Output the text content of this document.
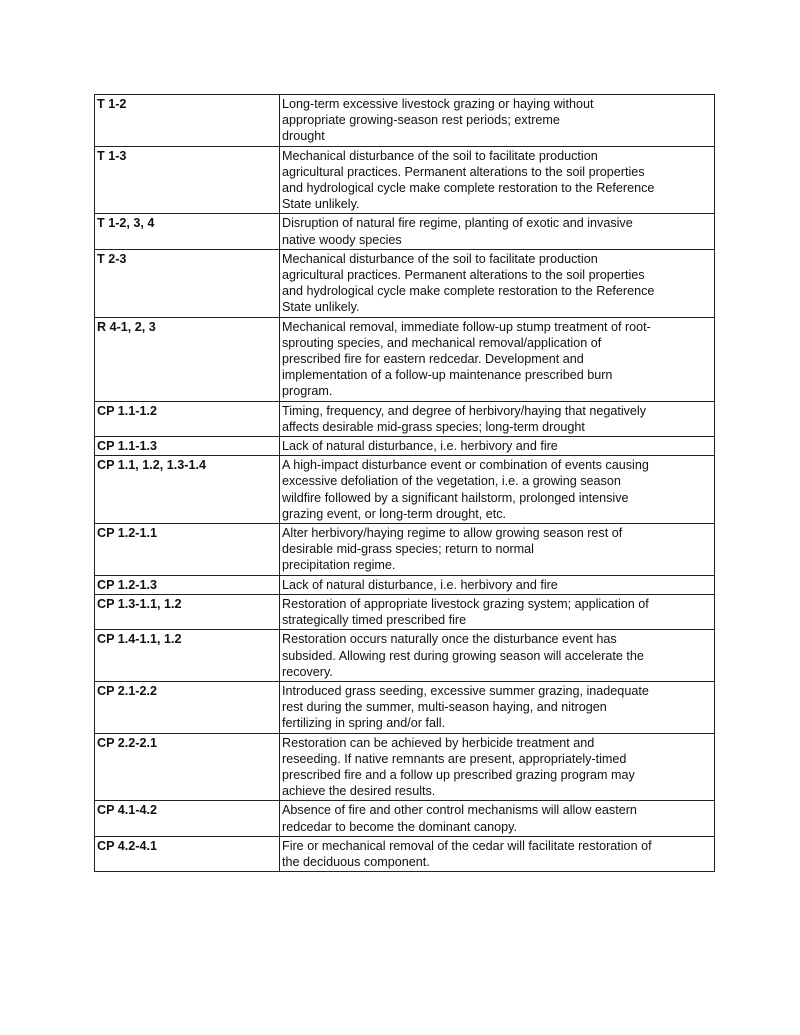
T 1-2	Long-term excessive livestock grazing or haying without
appropriate growing-season rest periods; extreme
drought

T 1-3	Mechanical disturbance of the soil to facilitate production
agricultural practices. Permanent alterations to the soil properties
and hydrological cycle make complete restoration to the Reference
State unlikely.

T 1-2, 3, 4	Disruption of natural fire regime, planting of exotic and invasive
native woody species

T 2-3	Mechanical disturbance of the soil to facilitate production
agricultural practices. Permanent alterations to the soil properties
and hydrological cycle make complete restoration to the Reference
State unlikely.

R 4-1, 2, 3	Mechanical removal, immediate follow-up stump treatment of root-
sprouting species, and mechanical removal/application of
prescribed fire for eastern redcedar. Development and
implementation of a follow-up maintenance prescribed burn
program.

CP 1.1-1.2	Timing, frequency, and degree of herbivory/haying that negatively
affects desirable mid-grass species; long-term drought

CP 1.1-1.3	Lack of natural disturbance, i.e. herbivory and fire

CP 1.1, 1.2, 1.3-1.4	A high-impact disturbance event or combination of events causing
excessive defoliation of the vegetation, i.e. a growing season
wildfire followed by a significant hailstorm, prolonged intensive
grazing event, or long-term drought, etc.

CP 1.2-1.1	Alter herbivory/haying regime to allow growing season rest of
desirable mid-grass species; return to normal
precipitation regime.

CP 1.2-1.3	Lack of natural disturbance, i.e. herbivory and fire

CP 1.3-1.1, 1.2	Restoration of appropriate livestock grazing system; application of
strategically timed prescribed fire

CP 1.4-1.1, 1.2	Restoration occurs naturally once the disturbance event has
subsided. Allowing rest during growing season will accelerate the
recovery.

CP 2.1-2.2	Introduced grass seeding, excessive summer grazing, inadequate
rest during the summer, multi-season haying, and nitrogen
fertilizing in spring and/or fall.

CP 2.2-2.1	Restoration can be achieved by herbicide treatment and
reseeding. If native remnants are present, appropriately-timed
prescribed fire and a follow up prescribed grazing program may
achieve the desired results.

CP 4.1-4.2	Absence of fire and other control mechanisms will allow eastern
redcedar to become the dominant canopy.

CP 4.2-4.1	Fire or mechanical removal of the cedar will facilitate restoration of
the deciduous component.
